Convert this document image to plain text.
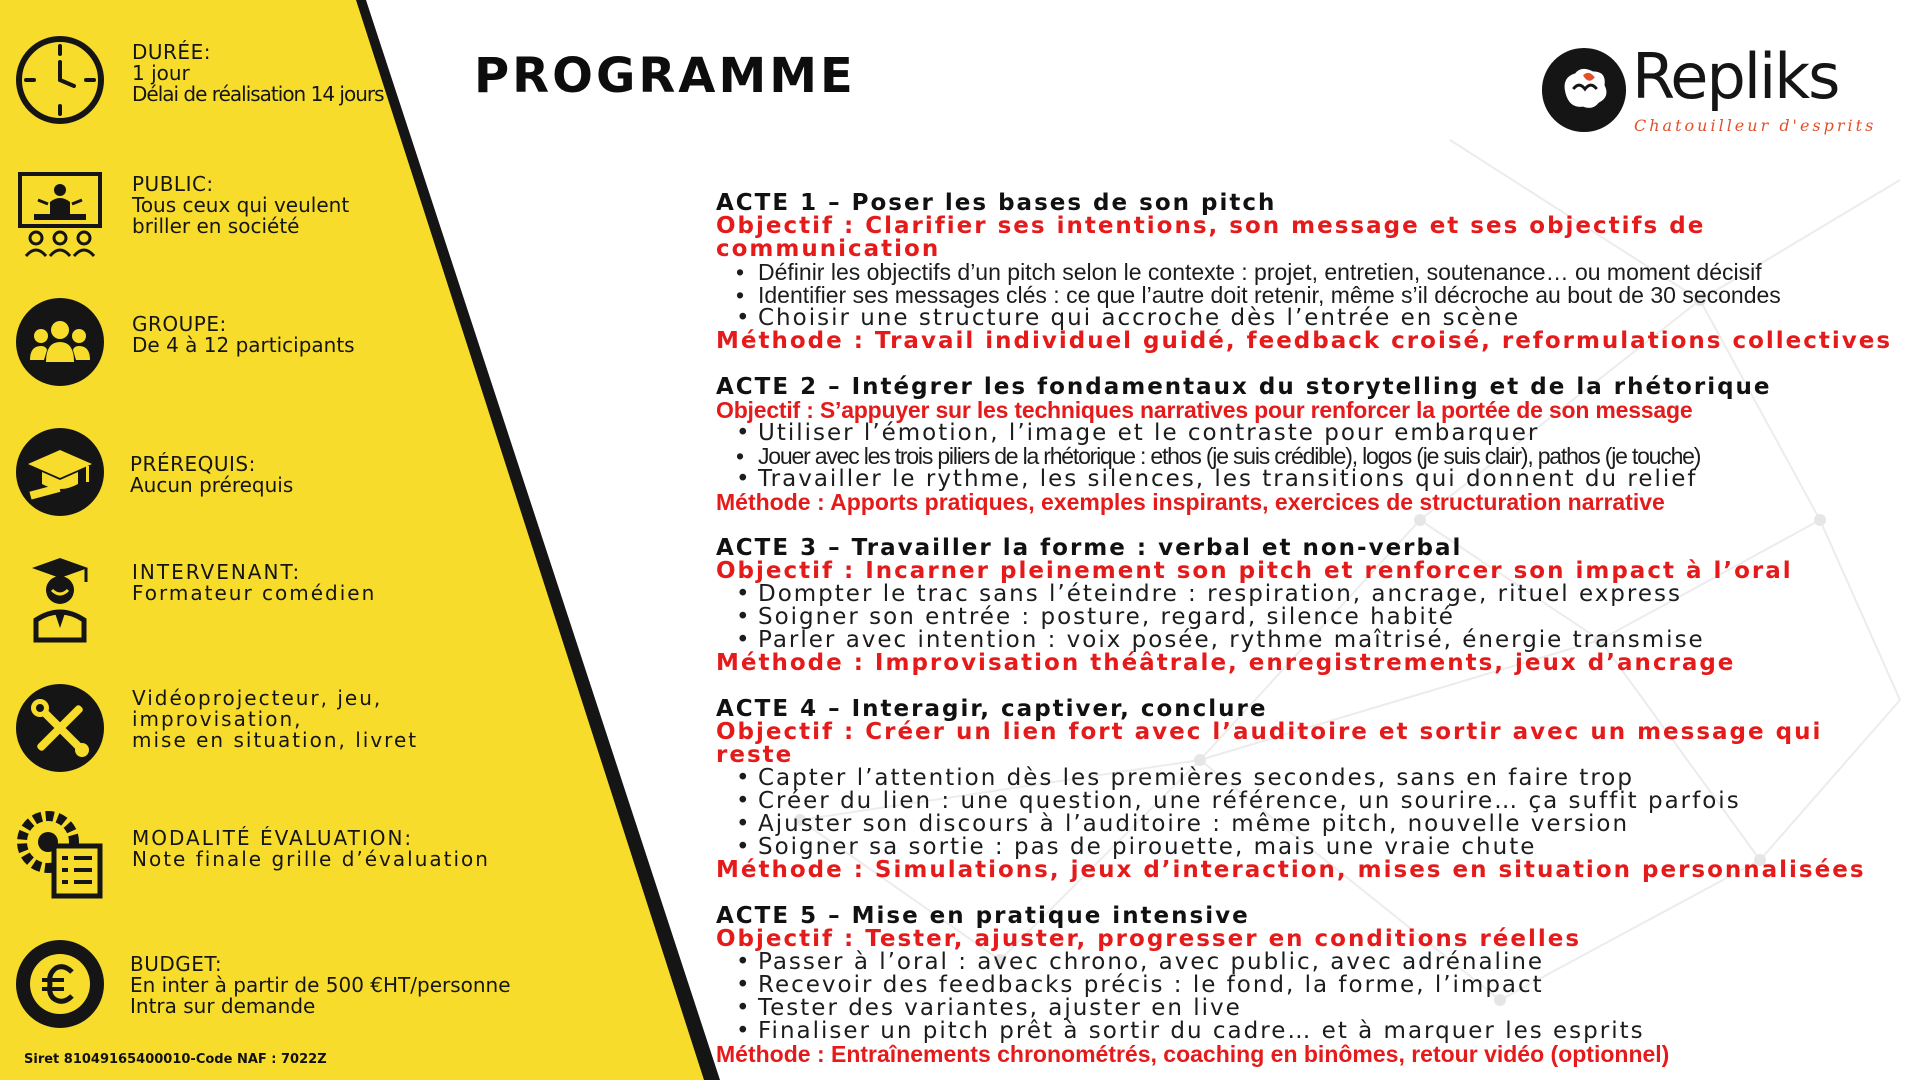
DURÉE:
1 jour
Délai de réalisation 14 jours
PUBLIC:
Tous ceux qui veulent
briller en société
GROUPE:
De 4 à 12 participants
PRÉREQUIS:
Aucun prérequis
INTERVENANT:
Formateur comédien
Vidéoprojecteur, jeu,
improvisation,
mise en situation, livret
MODALITÉ ÉVALUATION:
Note finale grille d’évaluation
BUDGET:
En inter à partir de 500 €HT/personne
Intra sur demande
Siret 81049165400010-Code NAF : 7022Z
PROGRAMME	Repliks
Chatouilleur d'esprits
ACTE 1 – Poser les bases de son pitch
Objectif : Clarifier ses intentions, son message et ses objectifs de communication
• Définir les objectifs d’un pitch selon le contexte : projet, entretien, soutenance… ou moment décisif
• Identifier ses messages clés : ce que l’autre doit retenir, même s’il décroche au bout de 30 secondes
• Choisir une structure qui accroche dès l’entrée en scène
Méthode : Travail individuel guidé, feedback croisé, reformulations collectives
ACTE 2 – Intégrer les fondamentaux du storytelling et de la rhétorique
Objectif : S’appuyer sur les techniques narratives pour renforcer la portée de son message
• Utiliser l’émotion, l’image et le contraste pour embarquer
• Jouer avec les trois piliers de la rhétorique : ethos (je suis crédible), logos (je suis clair), pathos (je touche)
• Travailler le rythme, les silences, les transitions qui donnent du relief
Méthode : Apports pratiques, exemples inspirants, exercices de structuration narrative
ACTE 3 – Travailler la forme : verbal et non-verbal
Objectif : Incarner pleinement son pitch et renforcer son impact à l’oral
• Dompter le trac sans l’éteindre : respiration, ancrage, rituel express
• Soigner son entrée : posture, regard, silence habité
• Parler avec intention : voix posée, rythme maîtrisé, énergie transmise
Méthode : Improvisation théâtrale, enregistrements, jeux d’ancrage
ACTE 4 – Interagir, captiver, conclure
Objectif : Créer un lien fort avec l’auditoire et sortir avec un message qui reste
• Capter l’attention dès les premières secondes, sans en faire trop
• Créer du lien : une question, une référence, un sourire… ça suffit parfois
• Ajuster son discours à l’auditoire : même pitch, nouvelle version
• Soigner sa sortie : pas de pirouette, mais une vraie chute
Méthode : Simulations, jeux d’interaction, mises en situation personnalisées
ACTE 5 – Mise en pratique intensive
Objectif : Tester, ajuster, progresser en conditions réelles
• Passer à l’oral : avec chrono, avec public, avec adrénaline
• Recevoir des feedbacks précis : le fond, la forme, l’impact
• Tester des variantes, ajuster en live
• Finaliser un pitch prêt à sortir du cadre… et à marquer les esprits
Méthode : Entraînements chronométrés, coaching en binômes, retour vidéo (optionnel)
